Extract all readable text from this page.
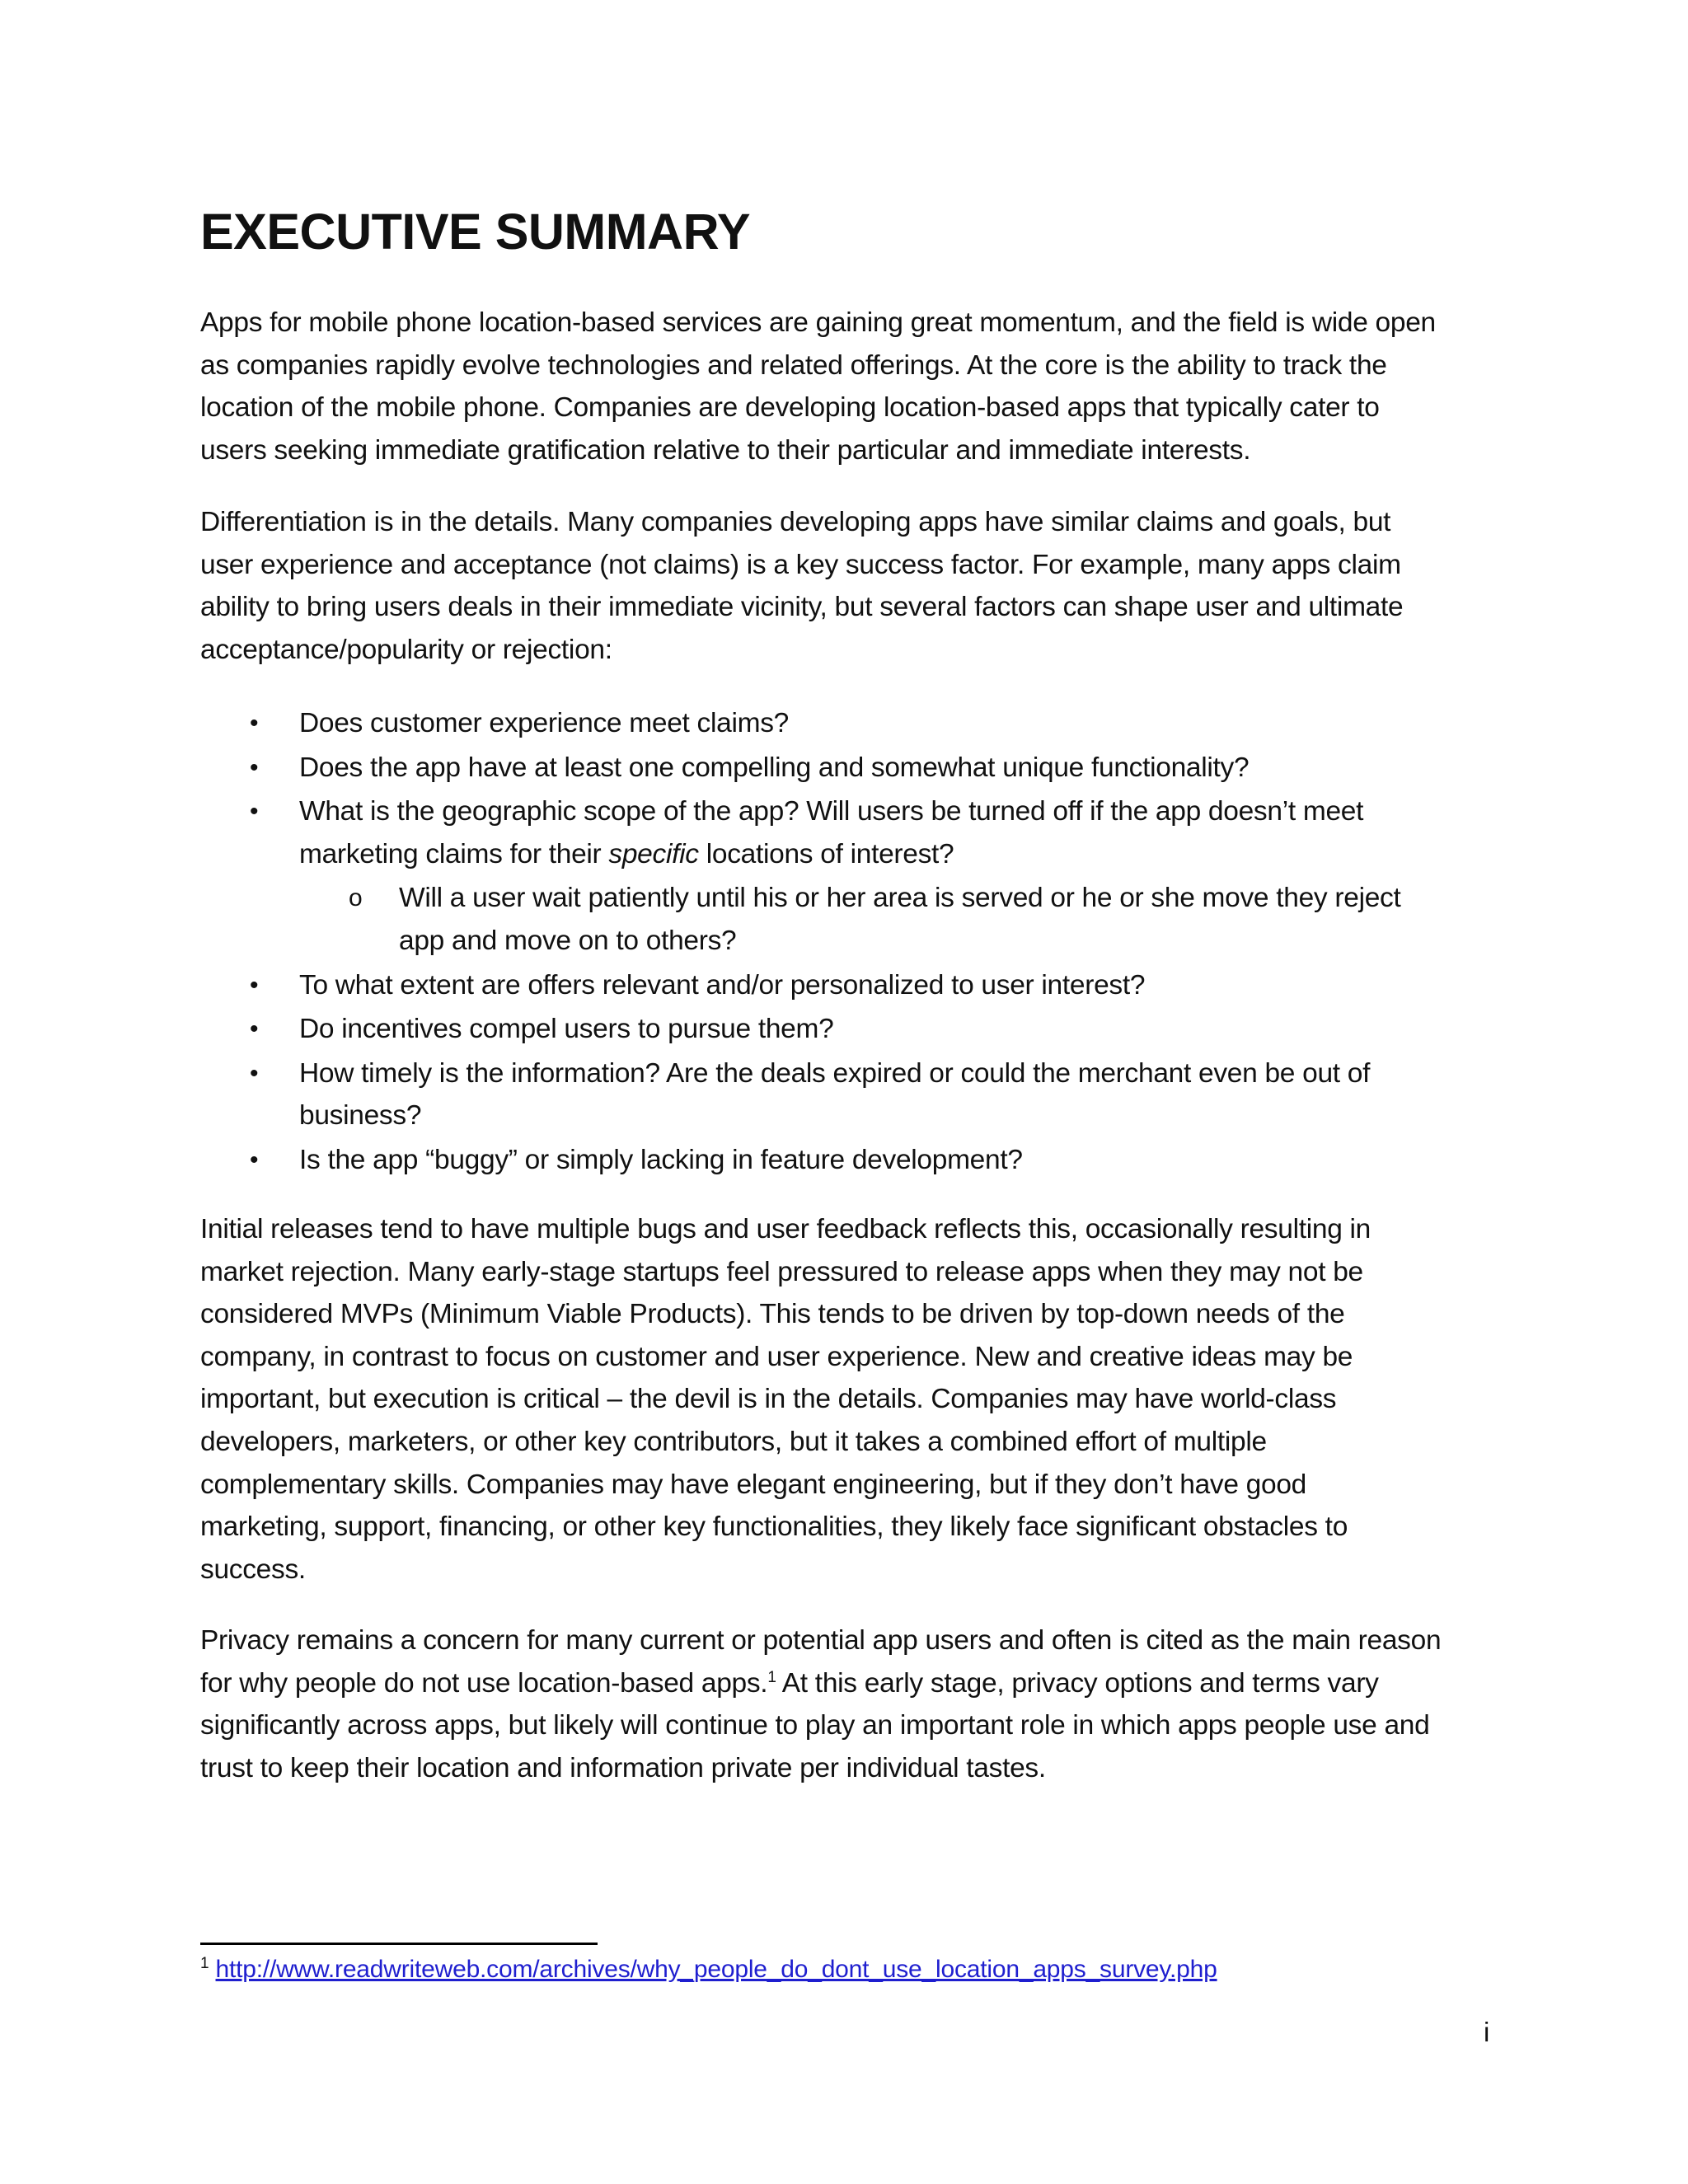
EXECUTIVE SUMMARY

Apps for mobile phone location-based services are gaining great momentum, and the field is wide open
as companies rapidly evolve technologies and related offerings. At the core is the ability to track the
location of the mobile phone. Companies are developing location-based apps that typically cater to
users seeking immediate gratification relative to their particular and immediate interests.

Differentiation is in the details. Many companies developing apps have similar claims and goals, but
user experience and acceptance (not claims) is a key success factor. For example, many apps claim
ability to bring users deals in their immediate vicinity, but several factors can shape user and ultimate
acceptance/popularity or rejection:

• Does customer experience meet claims?
• Does the app have at least one compelling and somewhat unique functionality?
• What is the geographic scope of the app? Will users be turned off if the app doesn’t meet
marketing claims for their specific locations of interest?
o Will a user wait patiently until his or her area is served or he or she move they reject
app and move on to others?
• To what extent are offers relevant and/or personalized to user interest?
• Do incentives compel users to pursue them?
• How timely is the information? Are the deals expired or could the merchant even be out of
business?
• Is the app “buggy” or simply lacking in feature development?

Initial releases tend to have multiple bugs and user feedback reflects this, occasionally resulting in
market rejection. Many early-stage startups feel pressured to release apps when they may not be
considered MVPs (Minimum Viable Products). This tends to be driven by top-down needs of the
company, in contrast to focus on customer and user experience. New and creative ideas may be
important, but execution is critical – the devil is in the details. Companies may have world-class
developers, marketers, or other key contributors, but it takes a combined effort of multiple
complementary skills. Companies may have elegant engineering, but if they don’t have good
marketing, support, financing, or other key functionalities, they likely face significant obstacles to
success.

Privacy remains a concern for many current or potential app users and often is cited as the main reason
for why people do not use location-based apps.$^1$ At this early stage, privacy options and terms vary
significantly across apps, but likely will continue to play an important role in which apps people use and
trust to keep their location and information private per individual tastes.

$^1$ http://www.readwriteweb.com/archives/why_people_do_dont_use_location_apps_survey.php
i
